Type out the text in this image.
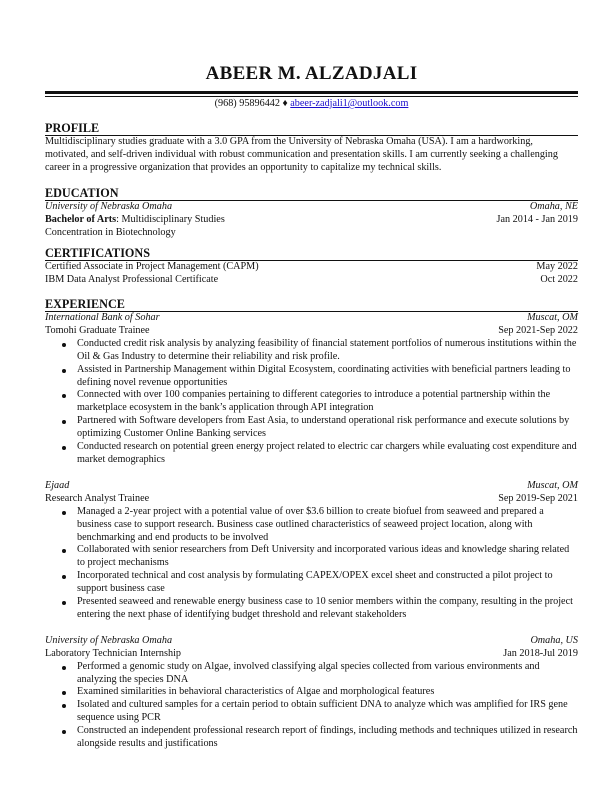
ABEER M. ALZADJALI
(968) 95896442 ♦ abeer-zadjali1@outlook.com
PROFILE

Multidisciplinary studies graduate with a 3.0 GPA from the University of Nebraska Omaha (USA). I am a hardworking, motivated, and self-driven individual with robust communication and presentation skills. I am currently seeking a challenging career in a progressive organization that provides an opportunity to capitalize my technical skills.

EDUCATION
University of Nebraska Omaha	Omaha, NE
Bachelor of Arts: Multidisciplinary Studies	Jan 2014 - Jan 2019
Concentration in Biotechnology
CERTIFICATIONS
Certified Associate in Project Management (CAPM)	May 2022
IBM Data Analyst Professional Certificate	Oct 2022
EXPERIENCE
International Bank of Sohar	Muscat, OM
Tomohi Graduate Trainee	Sep 2021-Sep 2022
Conducted credit risk analysis by analyzing feasibility of financial statement portfolios of numerous institutions within the Oil & Gas Industry to determine their reliability and risk profile.
Assisted in Partnership Management within Digital Ecosystem, coordinating activities with beneficial partners leading to defining novel revenue opportunities
Connected with over 100 companies pertaining to different categories to introduce a potential partnership within the marketplace ecosystem in the bank’s application through API integration
Partnered with Software developers from East Asia, to understand operational risk performance and execute solutions by optimizing Customer Online Banking services
Conducted research on potential green energy project related to electric car chargers while evaluating cost expenditure and market demographics
Ejaad	Muscat, OM
Research Analyst Trainee	Sep 2019-Sep 2021
Managed a 2-year project with a potential value of over $3.6 billion to create biofuel from seaweed and prepared a business case to support research. Business case outlined characteristics of seaweed project location, along with benchmarking and end products to be involved
Collaborated with senior researchers from Deft University and incorporated various ideas and knowledge sharing related to project mechanisms
Incorporated technical and cost analysis by formulating CAPEX/OPEX excel sheet and constructed a pilot project to support business case
Presented seaweed and renewable energy business case to 10 senior members within the company, resulting in the project entering the next phase of identifying budget threshold and relevant stakeholders
University of Nebraska Omaha	Omaha, US
Laboratory Technician Internship	Jan 2018-Jul 2019
Performed a genomic study on Algae, involved classifying algal species collected from various environments and analyzing the species DNA
Examined similarities in behavioral characteristics of Algae and morphological features
Isolated and cultured samples for a certain period to obtain sufficient DNA to analyze which was amplified for IRS gene sequence using PCR
Constructed an independent professional research report of findings, including methods and techniques utilized in research alongside results and justifications
